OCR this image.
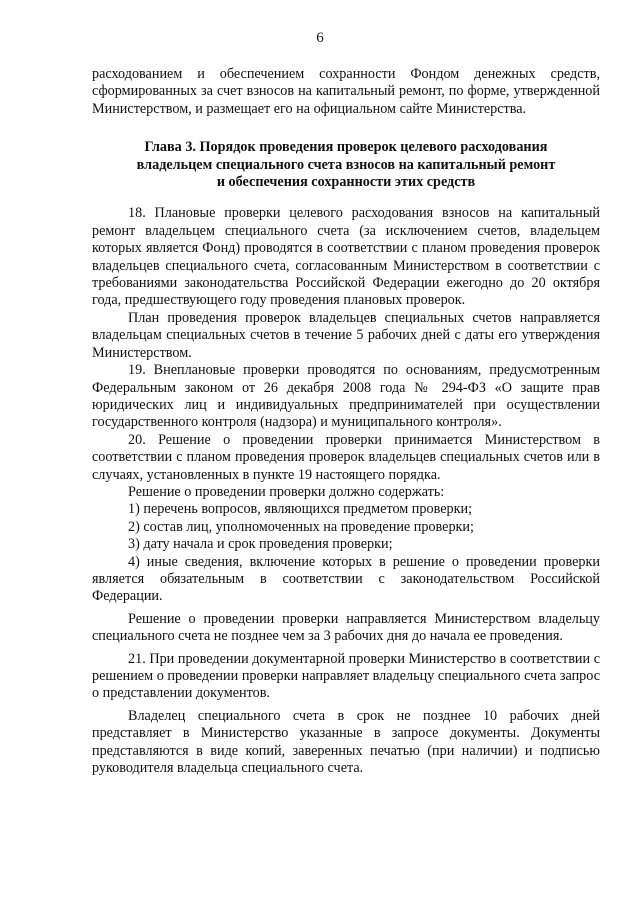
6

расходованием и обеспечением сохранности Фондом денежных средств, сформированных за счет взносов на капитальный ремонт, по форме, утвержденной Министерством, и размещает его на официальном сайте Министерства.

Глава 3. Порядок проведения проверок целевого расходования
владельцем специального счета взносов на капитальный ремонт
и обеспечения сохранности этих средств

18. Плановые проверки целевого расходования взносов на капитальный ремонт владельцем специального счета (за исключением счетов, владельцем которых является Фонд) проводятся в соответствии с планом проведения проверок владельцев специального счета, согласованным Министерством в соответствии с требованиями законодательства Российской Федерации ежегодно до 20 октября года, предшествующего году проведения плановых проверок.

План проведения проверок владельцев специальных счетов направляется владельцам специальных счетов в течение 5 рабочих дней с даты его утверждения Министерством.

19. Внеплановые проверки проводятся по основаниям, предусмотренным Федеральным законом от 26 декабря 2008 года № 294-ФЗ «О защите прав юридических лиц и индивидуальных предпринимателей при осуществлении государственного контроля (надзора) и муниципального контроля».

20. Решение о проведении проверки принимается Министерством в соответствии с планом проведения проверок владельцев специальных счетов или в случаях, установленных в пункте 19 настоящего порядка.

Решение о проведении проверки должно содержать:

1) перечень вопросов, являющихся предметом проверки;

2) состав лиц, уполномоченных на проведение проверки;

3) дату начала и срок проведения проверки;

4) иные сведения, включение которых в решение о проведении проверки является обязательным в соответствии с законодательством Российской Федерации.

Решение о проведении проверки направляется Министерством владельцу специального счета не позднее чем за 3 рабочих дня до начала ее проведения.

21. При проведении документарной проверки Министерство в соответствии с решением о проведении проверки направляет владельцу специального счета запрос о представлении документов.

Владелец специального счета в срок не позднее 10 рабочих дней представляет в Министерство указанные в запросе документы. Документы представляются в виде копий, заверенных печатью (при наличии) и подписью руководителя владельца специального счета.
